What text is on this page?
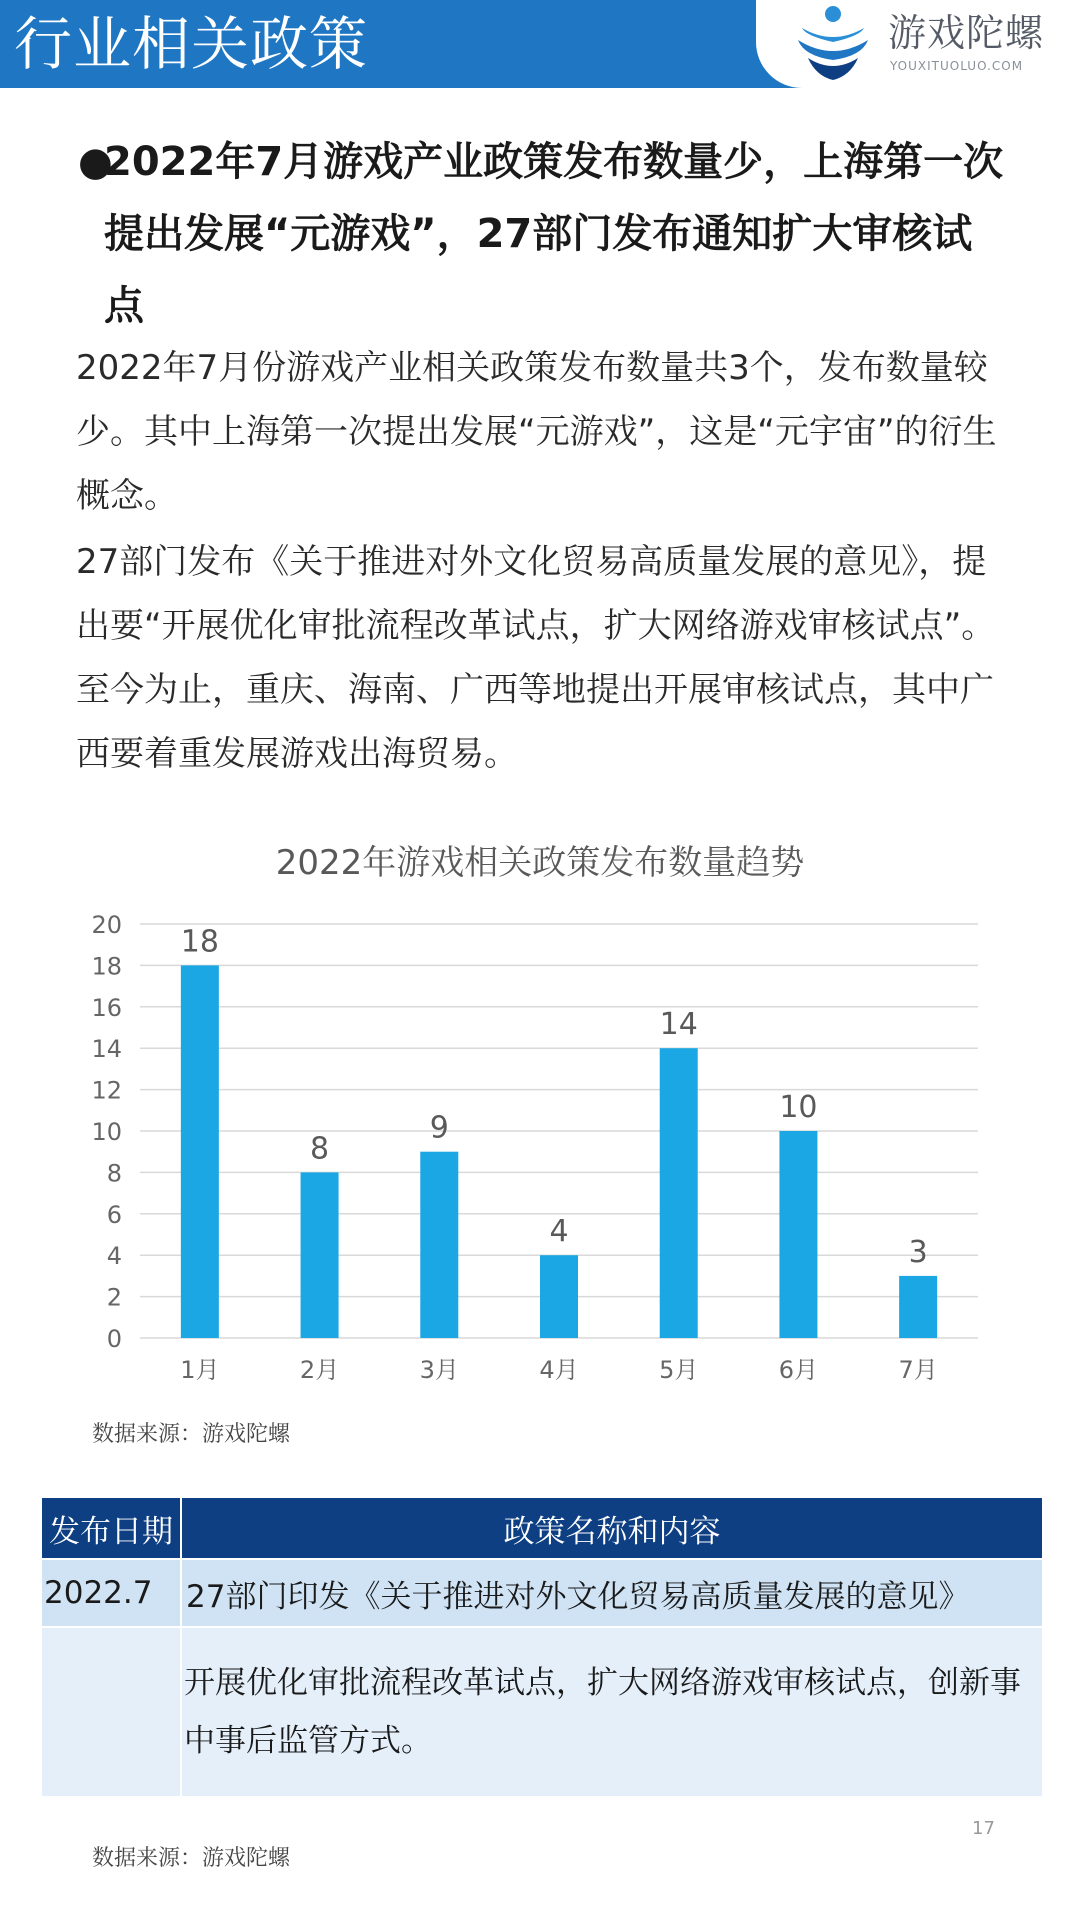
行业相关政策	游戏陀螺
YOUXITUOLUO.COM
●
2022年7月游戏产业政策发布数量少，上海第一次
提出发展“元游戏”，27部门发布通知扩大审核试
点
2022年7月份游戏产业相关政策发布数量共3个，发布数量较少。其中上海第一次提出发展“元游戏”，这是“元宇宙”的衍生概念。
27部门发布《关于推进对外文化贸易高质量发展的意见》，提出要“开展优化审批流程改革试点，扩大网络游戏审核试点”。至今为止，重庆、海南、广西等地提出开展审核试点，其中广西要着重发展游戏出海贸易。
2022年游戏相关政策发布数量趋势
0
2
4
6
8
10
12
14
16
18
20 18
1月
8
2月
9
3月
4
4月
14
5月
10
6月
3
7月
数据来源：游戏陀螺
发布日期	政策名称和内容
2022.7	27部门印发《关于推进对外文化贸易高质量发展的意见》
	开展优化审批流程改革试点，扩大网络游戏审核试点，创新事中事后监管方式。
17
数据来源：游戏陀螺
